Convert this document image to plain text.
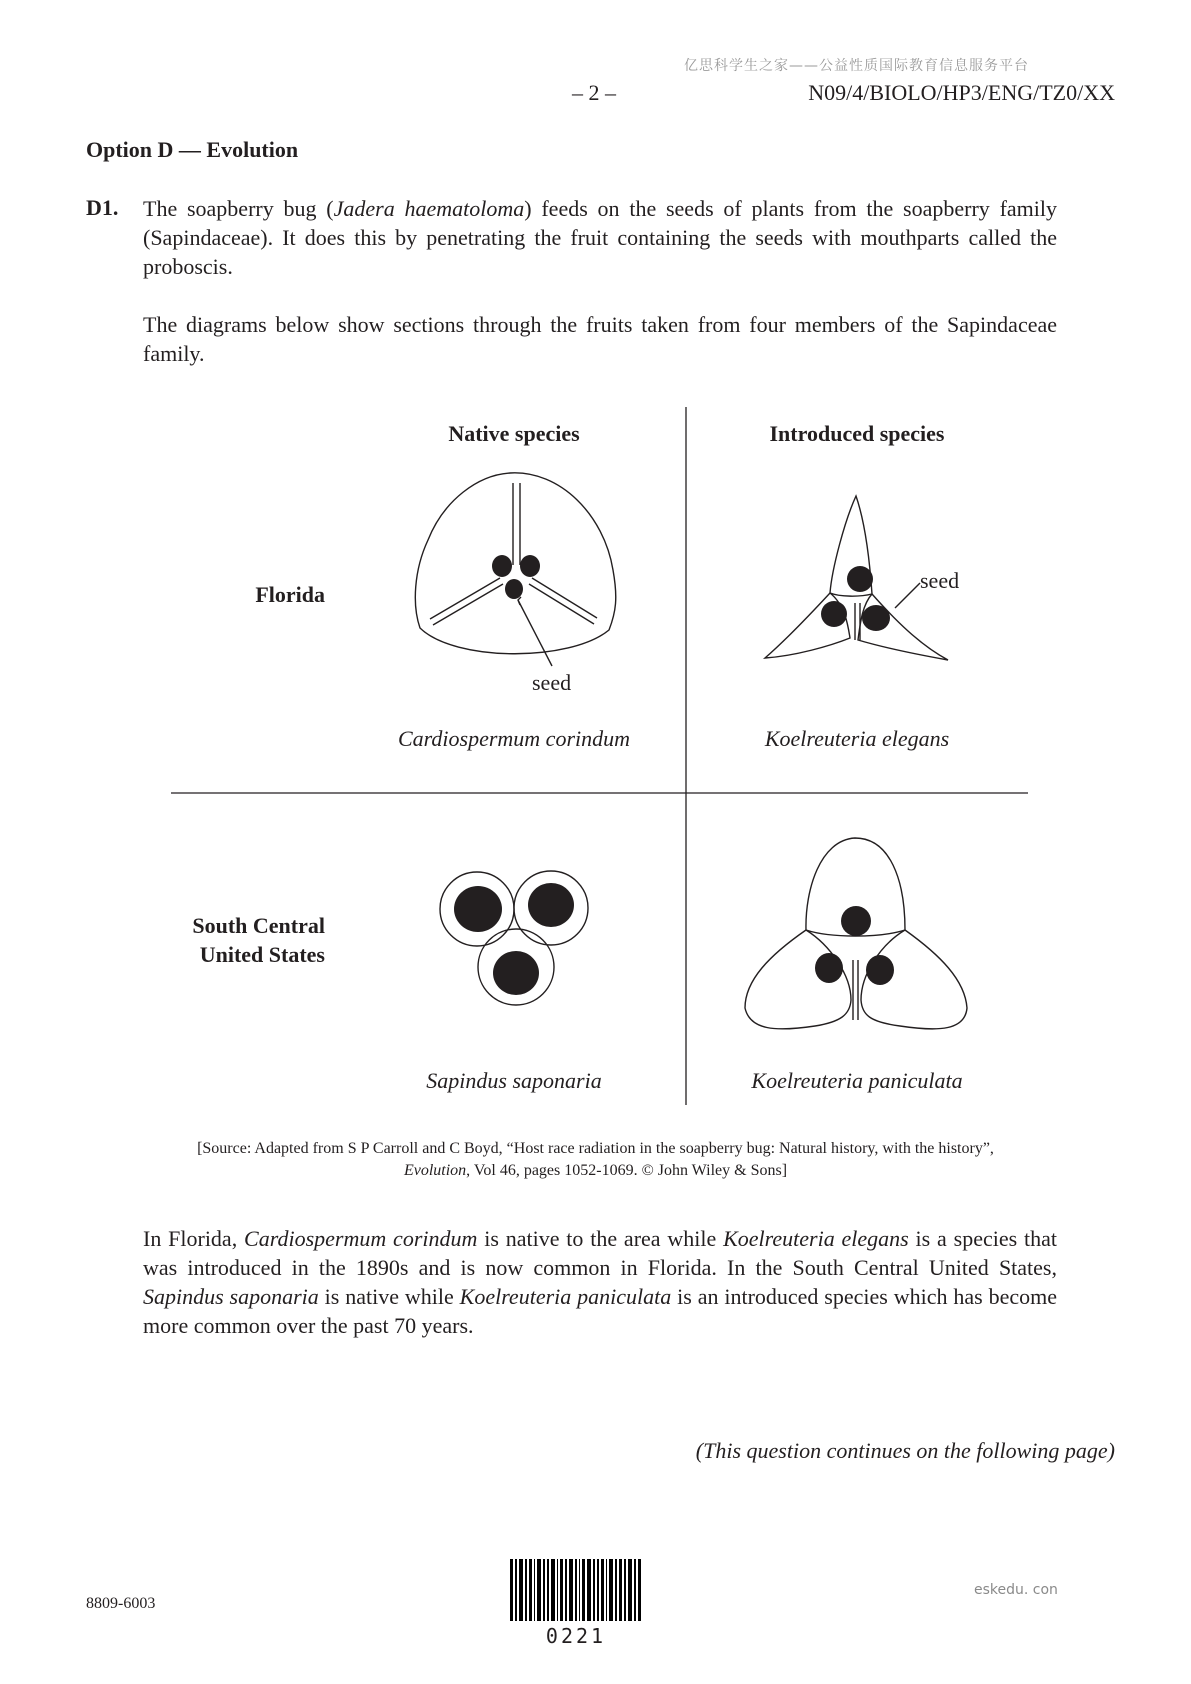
亿思科学生之家——公益性质国际教育信息服务平台
– 2 –	N09/4/BIOLO/HP3/ENG/TZ0/XX
Option D — Evolution
D1. The soapberry bug (Jadera haematoloma) feeds on the seeds of plants from the soapberry family (Sapindaceae). It does this by penetrating the fruit containing the seeds with mouthparts called the proboscis.

The diagrams below show sections through the fruits taken from four members of the Sapindaceae family.

Native species	Introduced species
Florida
South Central
United States
seed
seed
Cardiospermum corindum	Koelreuteria elegans
Sapindus saponaria	Koelreuteria paniculata
[Source: Adapted from S P Carroll and C Boyd, “Host race radiation in the soapberry bug: Natural history, with the history”,
Evolution, Vol 46, pages 1052-1069. © John Wiley & Sons]

In Florida, Cardiospermum corindum is native to the area while Koelreuteria elegans is a species that was introduced in the 1890s and is now common in Florida. In the South Central United States, Sapindus saponaria is native while Koelreuteria paniculata is an introduced species which has become more common over the past 70 years.

(This question continues on the following page)
8809-6003
eskedu. con
0221
